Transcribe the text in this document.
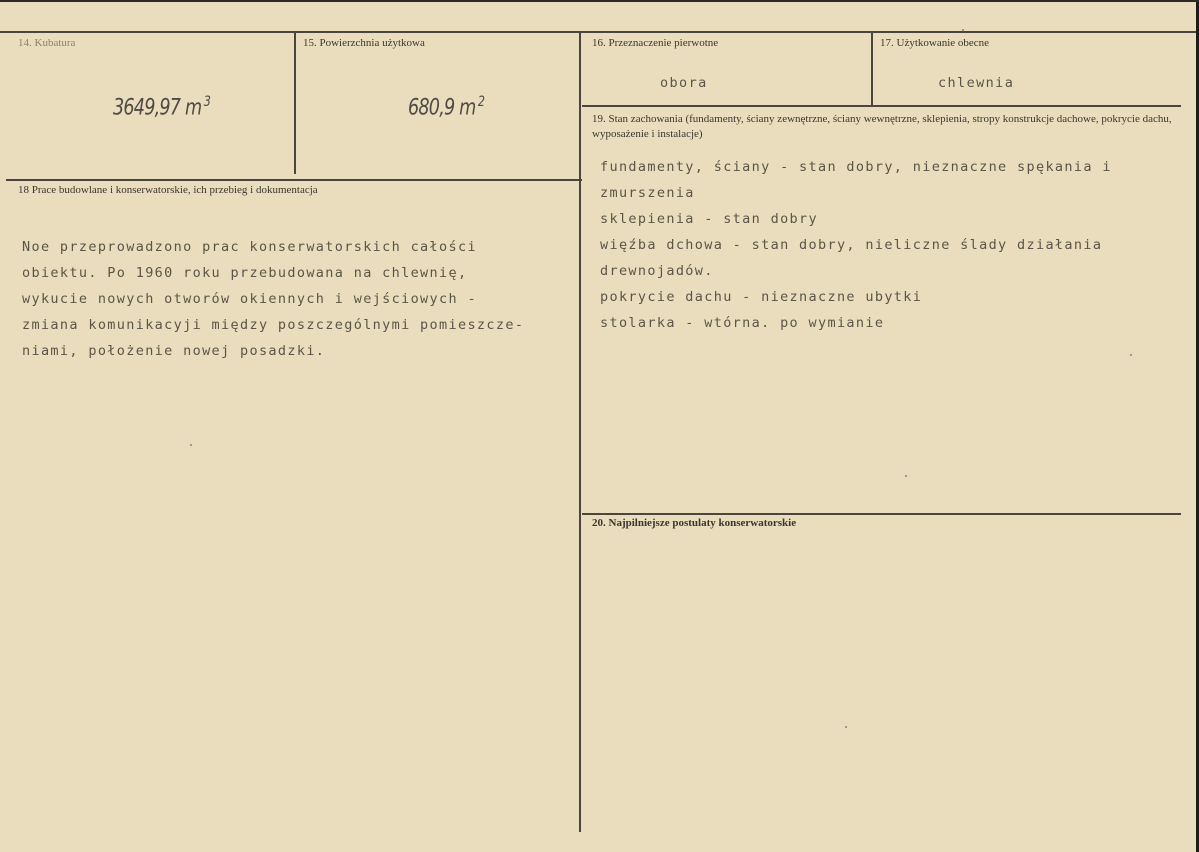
14. Kubatura
3649,97 m $^3$
15. Powierzchnia użytkowa
680,9 m $^2$
16. Przeznaczenie pierwotne
obora
17. Użytkowanie obecne
chlewnia
18 Prace budowlane i konserwatorskie, ich przebieg i dokumentacja
Noe przeprowadzono prac konserwatorskich całości
obiektu. Po 1960 roku przebudowana na chlewnię,
wykucie nowych otworów okiennych i wejściowych -
zmiana komunikacyji między poszczególnymi pomieszcze-
niami, położenie nowej posadzki.
19. Stan zachowania (fundamenty, ściany zewnętrzne, ściany wewnętrzne, sklepienia, stropy konstrukcje dachowe, pokrycie dachu, wyposażenie i instalacje)
fundamenty, ściany - stan dobry, nieznaczne spękania i
zmurszenia
sklepienia - stan dobry
więźba dchowa - stan dobry, nieliczne ślady działania
drewnojadów.
pokrycie dachu - nieznaczne ubytki
stolarka - wtórna. po wymianie
20. Najpilniejsze postulaty konserwatorskie
